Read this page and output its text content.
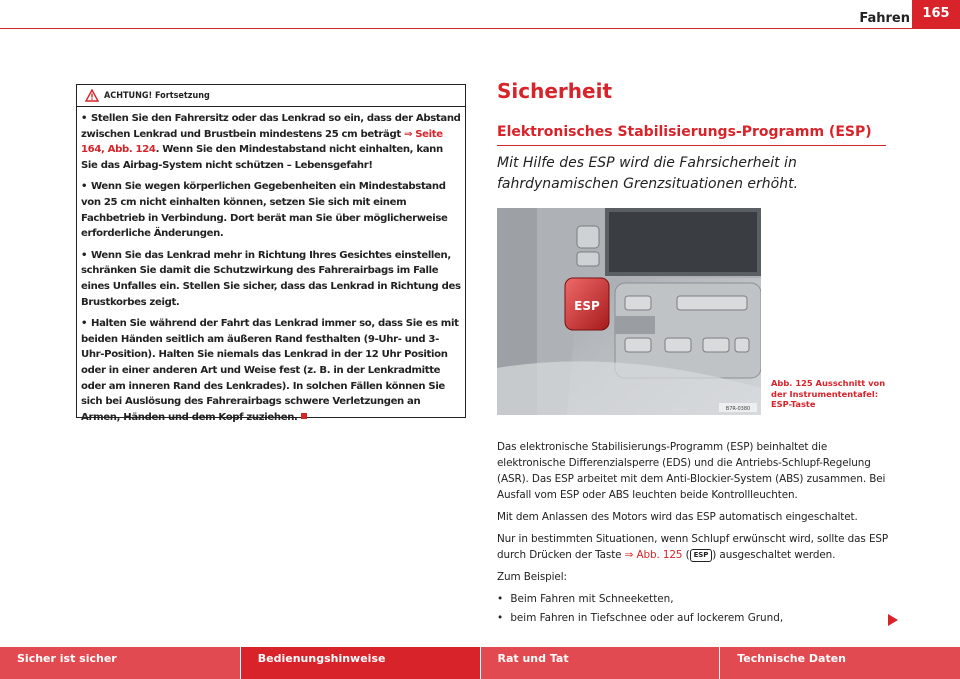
Fahren 165
ACHTUNG! Fortsetzung

• Stellen Sie den Fahrersitz oder das Lenkrad so ein, dass der Abstand zwischen Lenkrad und Brustbein mindestens 25 cm beträgt ⇒ Seite 164, Abb. 124. Wenn Sie den Mindestabstand nicht einhalten, kann Sie das Airbag-System nicht schützen – Lebensgefahr!

• Wenn Sie wegen körperlichen Gegebenheiten ein Mindestabstand von 25 cm nicht einhalten können, setzen Sie sich mit einem Fachbetrieb in Verbindung. Dort berät man Sie über möglicherweise erforderliche Änderungen.

• Wenn Sie das Lenkrad mehr in Richtung Ihres Gesichtes einstellen, schränken Sie damit die Schutzwirkung des Fahrerairbags im Falle eines Unfalles ein. Stellen Sie sicher, dass das Lenkrad in Richtung des Brustkorbes zeigt.

• Halten Sie während der Fahrt das Lenkrad immer so, dass Sie es mit beiden Händen seitlich am äußeren Rand festhalten (9-Uhr- und 3-Uhr-Position). Halten Sie niemals das Lenkrad in der 12 Uhr Position oder in einer anderen Art und Weise fest (z. B. in der Lenkradmitte oder am inneren Rand des Lenkrades). In solchen Fällen können Sie sich bei Auslösung des Fahrerairbags schwere Verletzungen an Armen, Händen und dem Kopf zuziehen.

Sicherheit
Elektronisches Stabilisierungs-Programm (ESP)
Mit Hilfe des ESP wird die Fahrsicherheit in fahrdynamischen Grenzsituationen erhöht.
ESP
B7R-0380
Abb. 125 Ausschnitt von der Instrumententafel: ESP-Taste

Das elektronische Stabilisierungs-Programm (ESP) beinhaltet die elektronische Differenzialsperre (EDS) und die Antriebs-Schlupf-Regelung (ASR). Das ESP arbeitet mit dem Anti-Blockier-System (ABS) zusammen. Bei Ausfall vom ESP oder ABS leuchten beide Kontrollleuchten.

Mit dem Anlassen des Motors wird das ESP automatisch eingeschaltet.

Nur in bestimmten Situationen, wenn Schlupf erwünscht wird, sollte das ESP durch Drücken der Taste ⇒ Abb. 125 ( ESP ) ausgeschaltet werden.

Zum Beispiel:

• Beim Fahren mit Schneeketten,

• beim Fahren in Tiefschnee oder auf lockerem Grund,

Sicher ist sicher	Bedienungshinweise	Rat und Tat	Technische Daten
